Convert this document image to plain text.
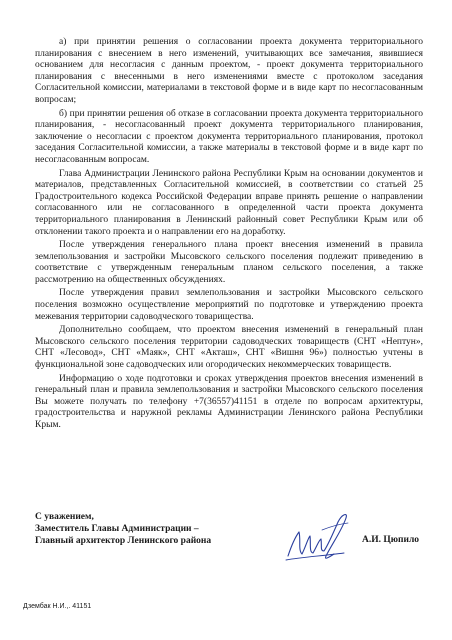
а) при принятии решения о согласовании проекта документа территориального планирования с внесением в него изменений, учитывающих все замечания, явившиеся основанием для несогласия с данным проектом, - проект документа территориального планирования с внесенными в него изменениями вместе с протоколом заседания Согласительной комиссии, материалами в текстовой форме и в виде карт по несогласованным вопросам;

б) при принятии решения об отказе в согласовании проекта документа территориального планирования, - несогласованный проект документа территориального планирования, заключение о несогласии с проектом документа территориального планирования, протокол заседания Согласительной комиссии, а также материалы в текстовой форме и в виде карт по несогласованным вопросам.

Глава Администрации Ленинского района Республики Крым на основании документов и материалов, представленных Согласительной комиссией, в соответствии со статьей 25 Градостроительного кодекса Российской Федерации вправе принять решение о направлении согласованного или не согласованного в определенной части проекта документа территориального планирования в Ленинский районный совет Республики Крым или об отклонении такого проекта и о направлении его на доработку.

После утверждения генерального плана проект внесения изменений в правила землепользования и застройки Мысовского сельского поселения подлежит приведению в соответствие с утвержденным генеральным планом сельского поселения, а также рассмотрению на общественных обсуждениях.

После утверждения правил землепользования и застройки Мысовского сельского поселения возможно осуществление мероприятий по подготовке и утверждению проекта межевания территории садоводческого товарищества.

Дополнительно сообщаем, что проектом внесения изменений в генеральный план Мысовского сельского поселения территории садоводческих товариществ (СНТ «Нептун», СНТ «Лесовод», СНТ «Маяк», СНТ «Акташ», СНТ «Вишня 96») полностью учтены в функциональной зоне садоводческих или огородических некоммерческих товариществ.

Информацию о ходе подготовки и сроках утверждения проектов внесения изменений в генеральный план и правила землепользования и застройки Мысовского сельского поселения Вы можете получать по телефону +7(36557)41151 в отделе по вопросам архитектуры, градостроительства и наружной рекламы Администрации Ленинского района Республики Крым.

С уважением,
Заместитель Главы Администрации –
Главный архитектор Ленинского района	А.И. Цюпило
Дзембак Н.И.,. 41151
